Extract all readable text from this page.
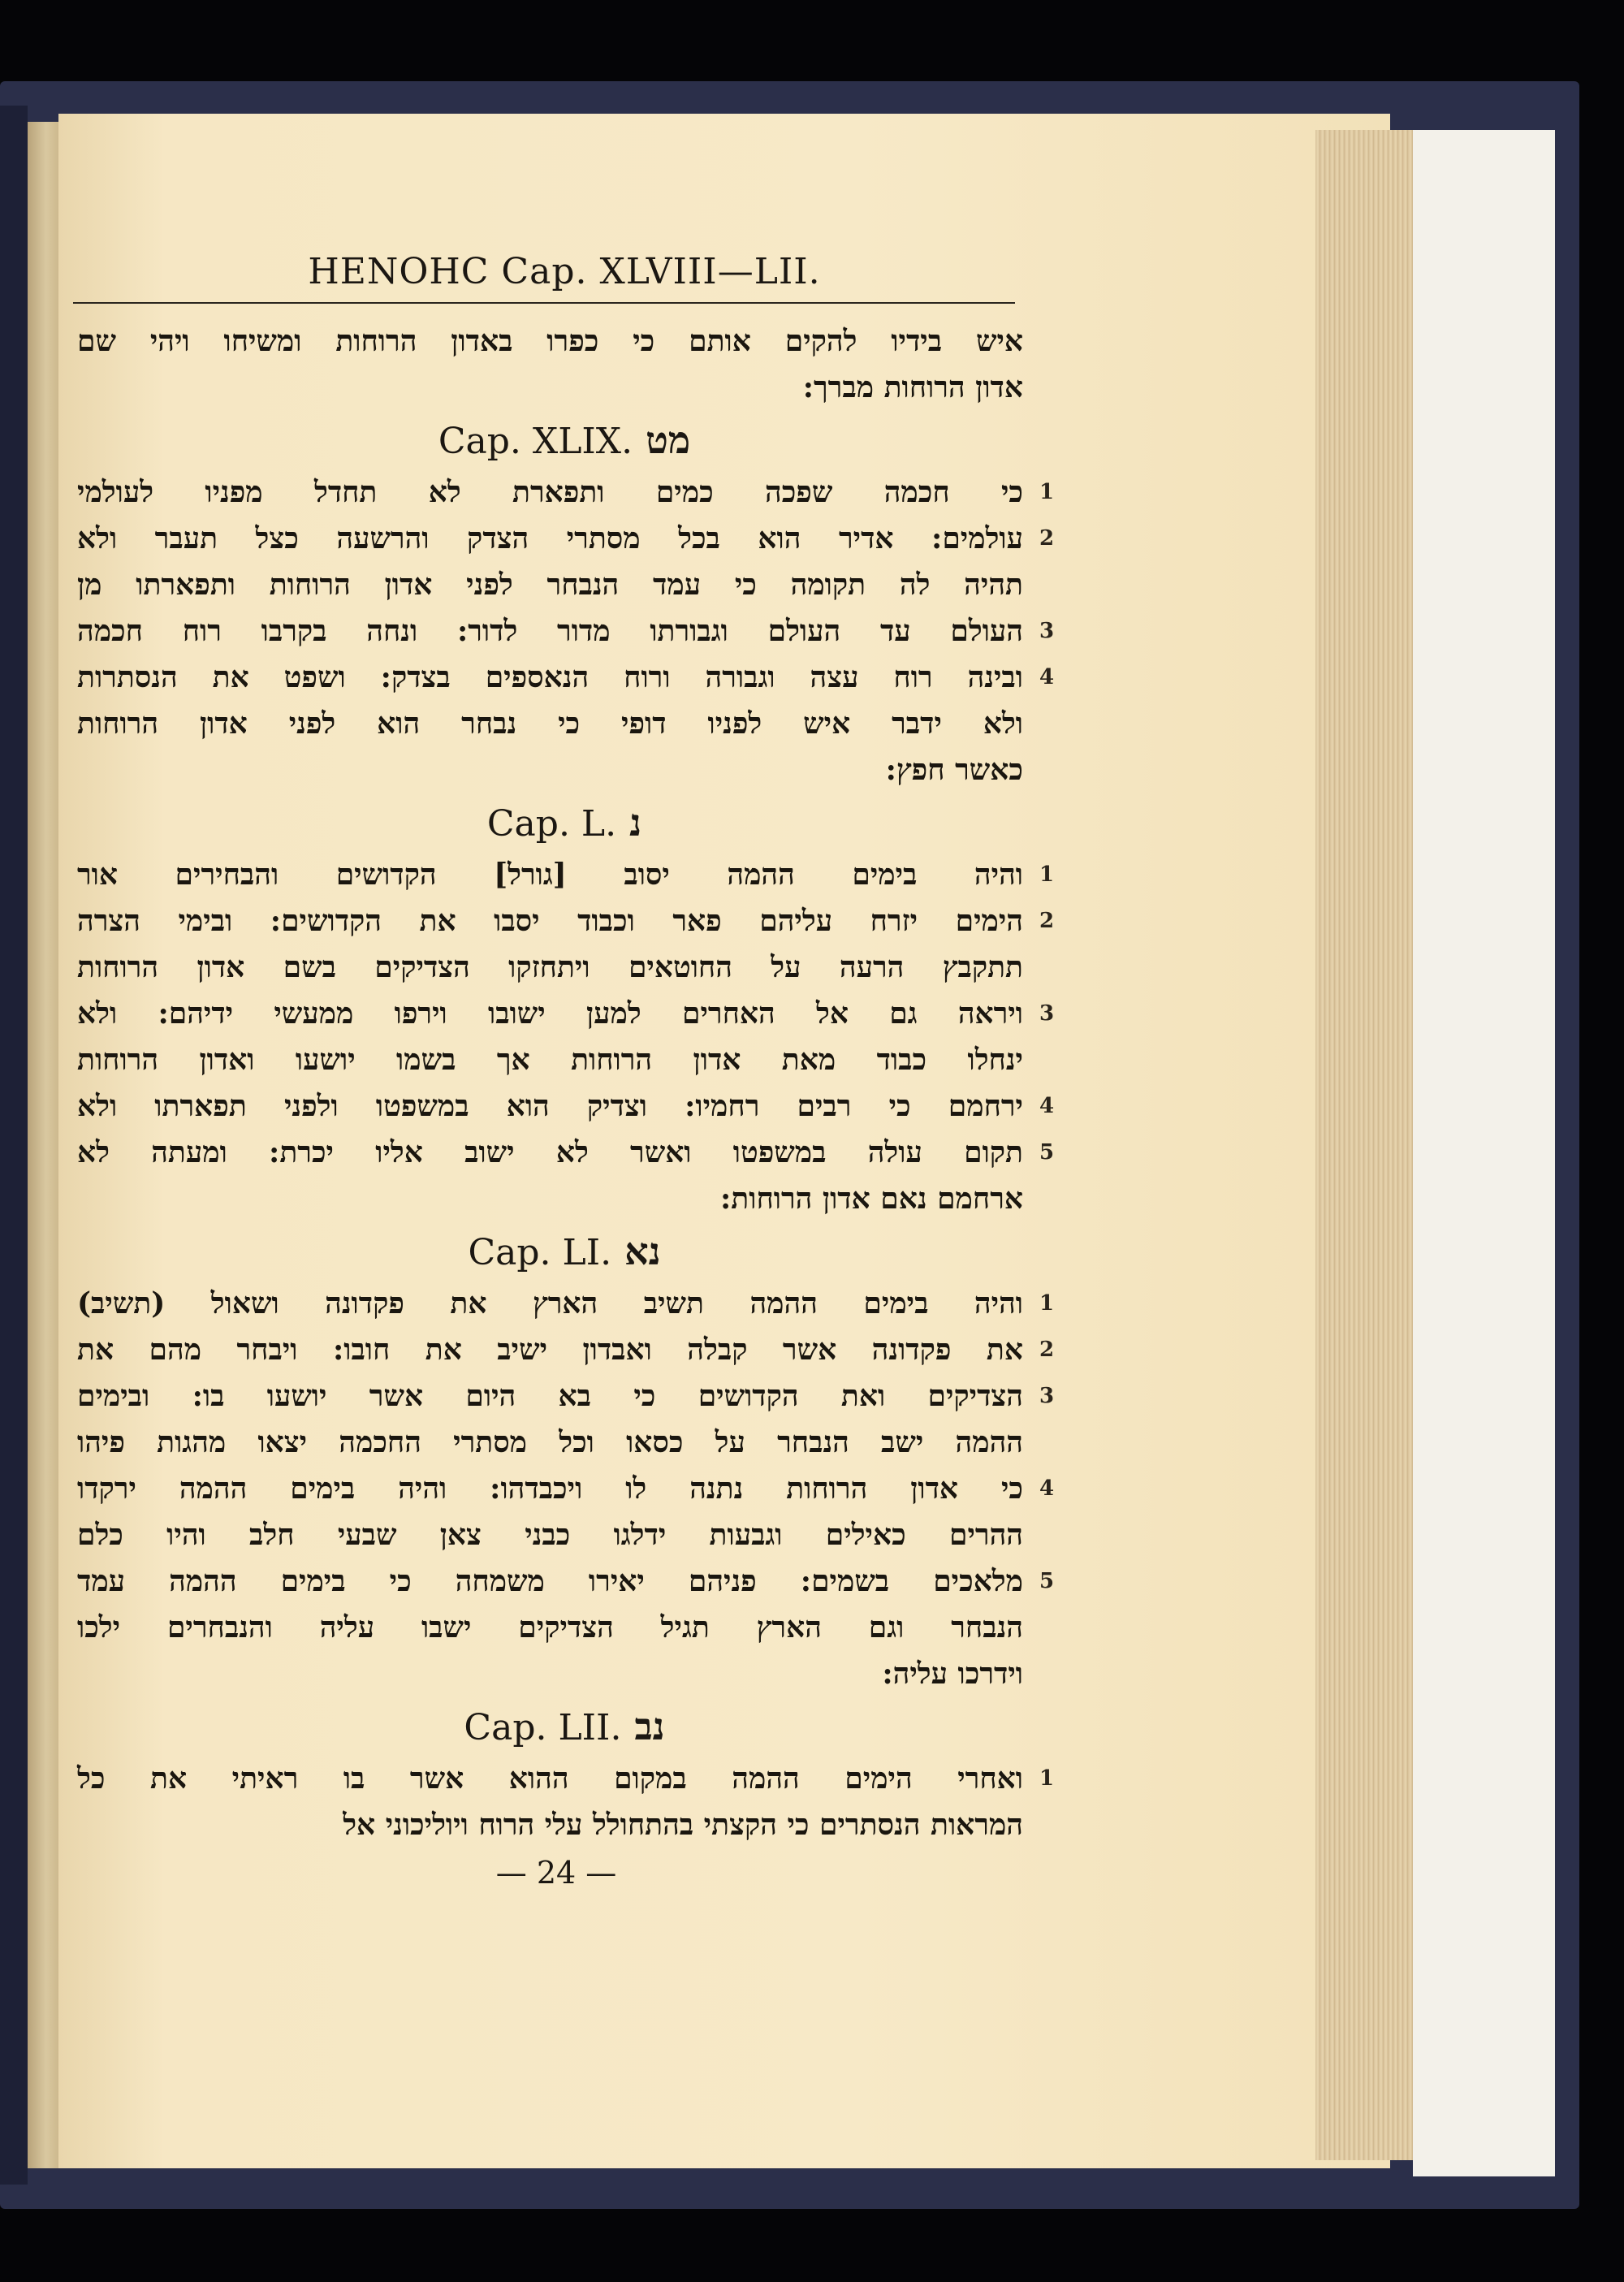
HENOHC Cap. XLVIII—LII.
איש בידיו להקים אותם כי כפרו באדון הרוחות ומשיחו ויהי שם
אדון הרוחות מברך:
Cap. XLIX. מט
כי חכמה שפכה כמים ותפארת לא תחדל מפניו לעולמי 1
עולמים: אדיר הוא בכל מסתרי הצדק והרשעה כצל תעבר ולא 2
תהיה לה תקומה כי עמד הנבחר לפני אדון הרוחות ותפארתו מן
העולם עד העולם וגבורתו מדור לדור: ונחה בקרבו רוח חכמה 3
ובינה רוח עצה וגבורה ורוח הנאספים בצדק: ושפט את הנסתרות 4
ולא ידבר איש לפניו דופי כי נבחר הוא לפני אדון הרוחות
כאשר חפץ:
Cap. L. נ
והיה בימים ההמה יסוב [גורל] הקדושים והבחירים אור 1
הימים יזרח עליהם פאר וכבוד יסבו את הקדושים: ובימי הצרה 2
תתקבץ הרעה על החוטאים ויתחזקו הצדיקים בשם אדון הרוחות
ויראה גם אל האחרים למען ישובו וירפו ממעשי ידיהם: ולא 3
ינחלו כבוד מאת אדון הרוחות אך בשמו יושעו ואדון הרוחות
ירחמם כי רבים רחמיו: וצדיק הוא במשפטו ולפני תפארתו ולא 4
תקום עולה במשפטו ואשר לא ישוב אליו יכרת: ומעתה לא 5
ארחמם נאם אדון הרוחות:
Cap. LI. נא
והיה בימים ההמה תשיב הארץ את פקדונה ושאול (תשיב) 1
את פקדונה אשר קבלה ואבדון ישיב את חובו: ויבחר מהם את 2
הצדיקים ואת הקדושים כי בא היום אשר יושעו בו: ובימים 3
ההמה ישב הנבחר על כסאו וכל מסתרי החכמה יצאו מהגות פיהו
כי אדון הרוחות נתנה לו ויכבדהו: והיה בימים ההמה ירקדו 4
ההרים כאילים וגבעות ידלגו כבני צאן שבעי חלב והיו כלם
מלאכים בשמים: פניהם יאירו משמחה כי בימים ההמה עמד 5
הנבחר וגם הארץ תגיל הצדיקים ישבו עליה והנבחרים ילכו
וידרכו עליה:
Cap. LII. נב
ואחרי הימים ההמה במקום ההוא אשר בו ראיתי את כל 1
המראות הנסתרים כי הקצתי בהתחולל עלי הרוח ויוליכוני אל
— 24 —
